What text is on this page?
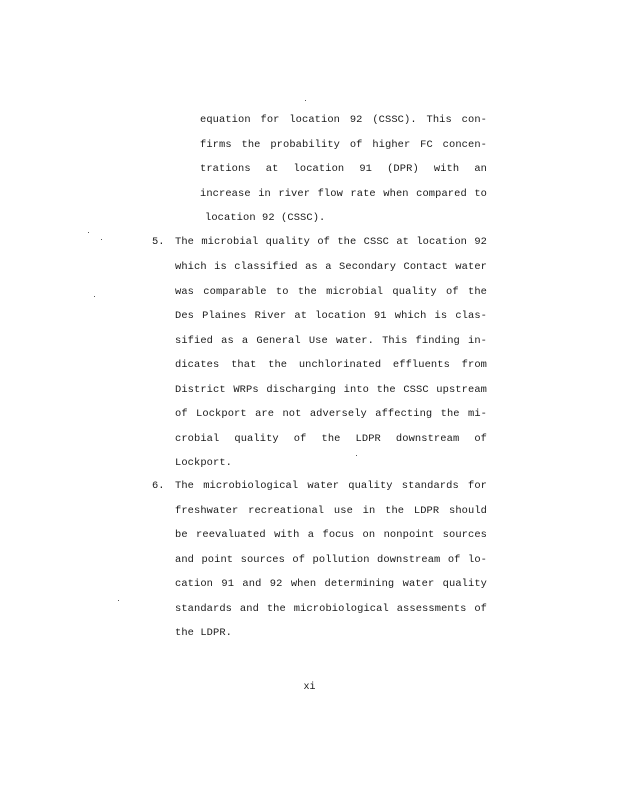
equation for location 92 (CSSC). This con-
firms the probability of higher FC concen-
trations at location 91 (DPR) with an
increase in river flow rate when compared to
location 92 (CSSC).
5. The microbial quality of the CSSC at location 92
which is classified as a Secondary Contact water
was comparable to the microbial quality of the
Des Plaines River at location 91 which is clas-
sified as a General Use water. This finding in-
dicates that the unchlorinated effluents from
District WRPs discharging into the CSSC upstream
of Lockport are not adversely affecting the mi-
crobial quality of the LDPR downstream of
Lockport.
6. The microbiological water quality standards for
freshwater recreational use in the LDPR should
be reevaluated with a focus on nonpoint sources
and point sources of pollution downstream of lo-
cation 91 and 92 when determining water quality
standards and the microbiological assessments of
the LDPR.
xi
